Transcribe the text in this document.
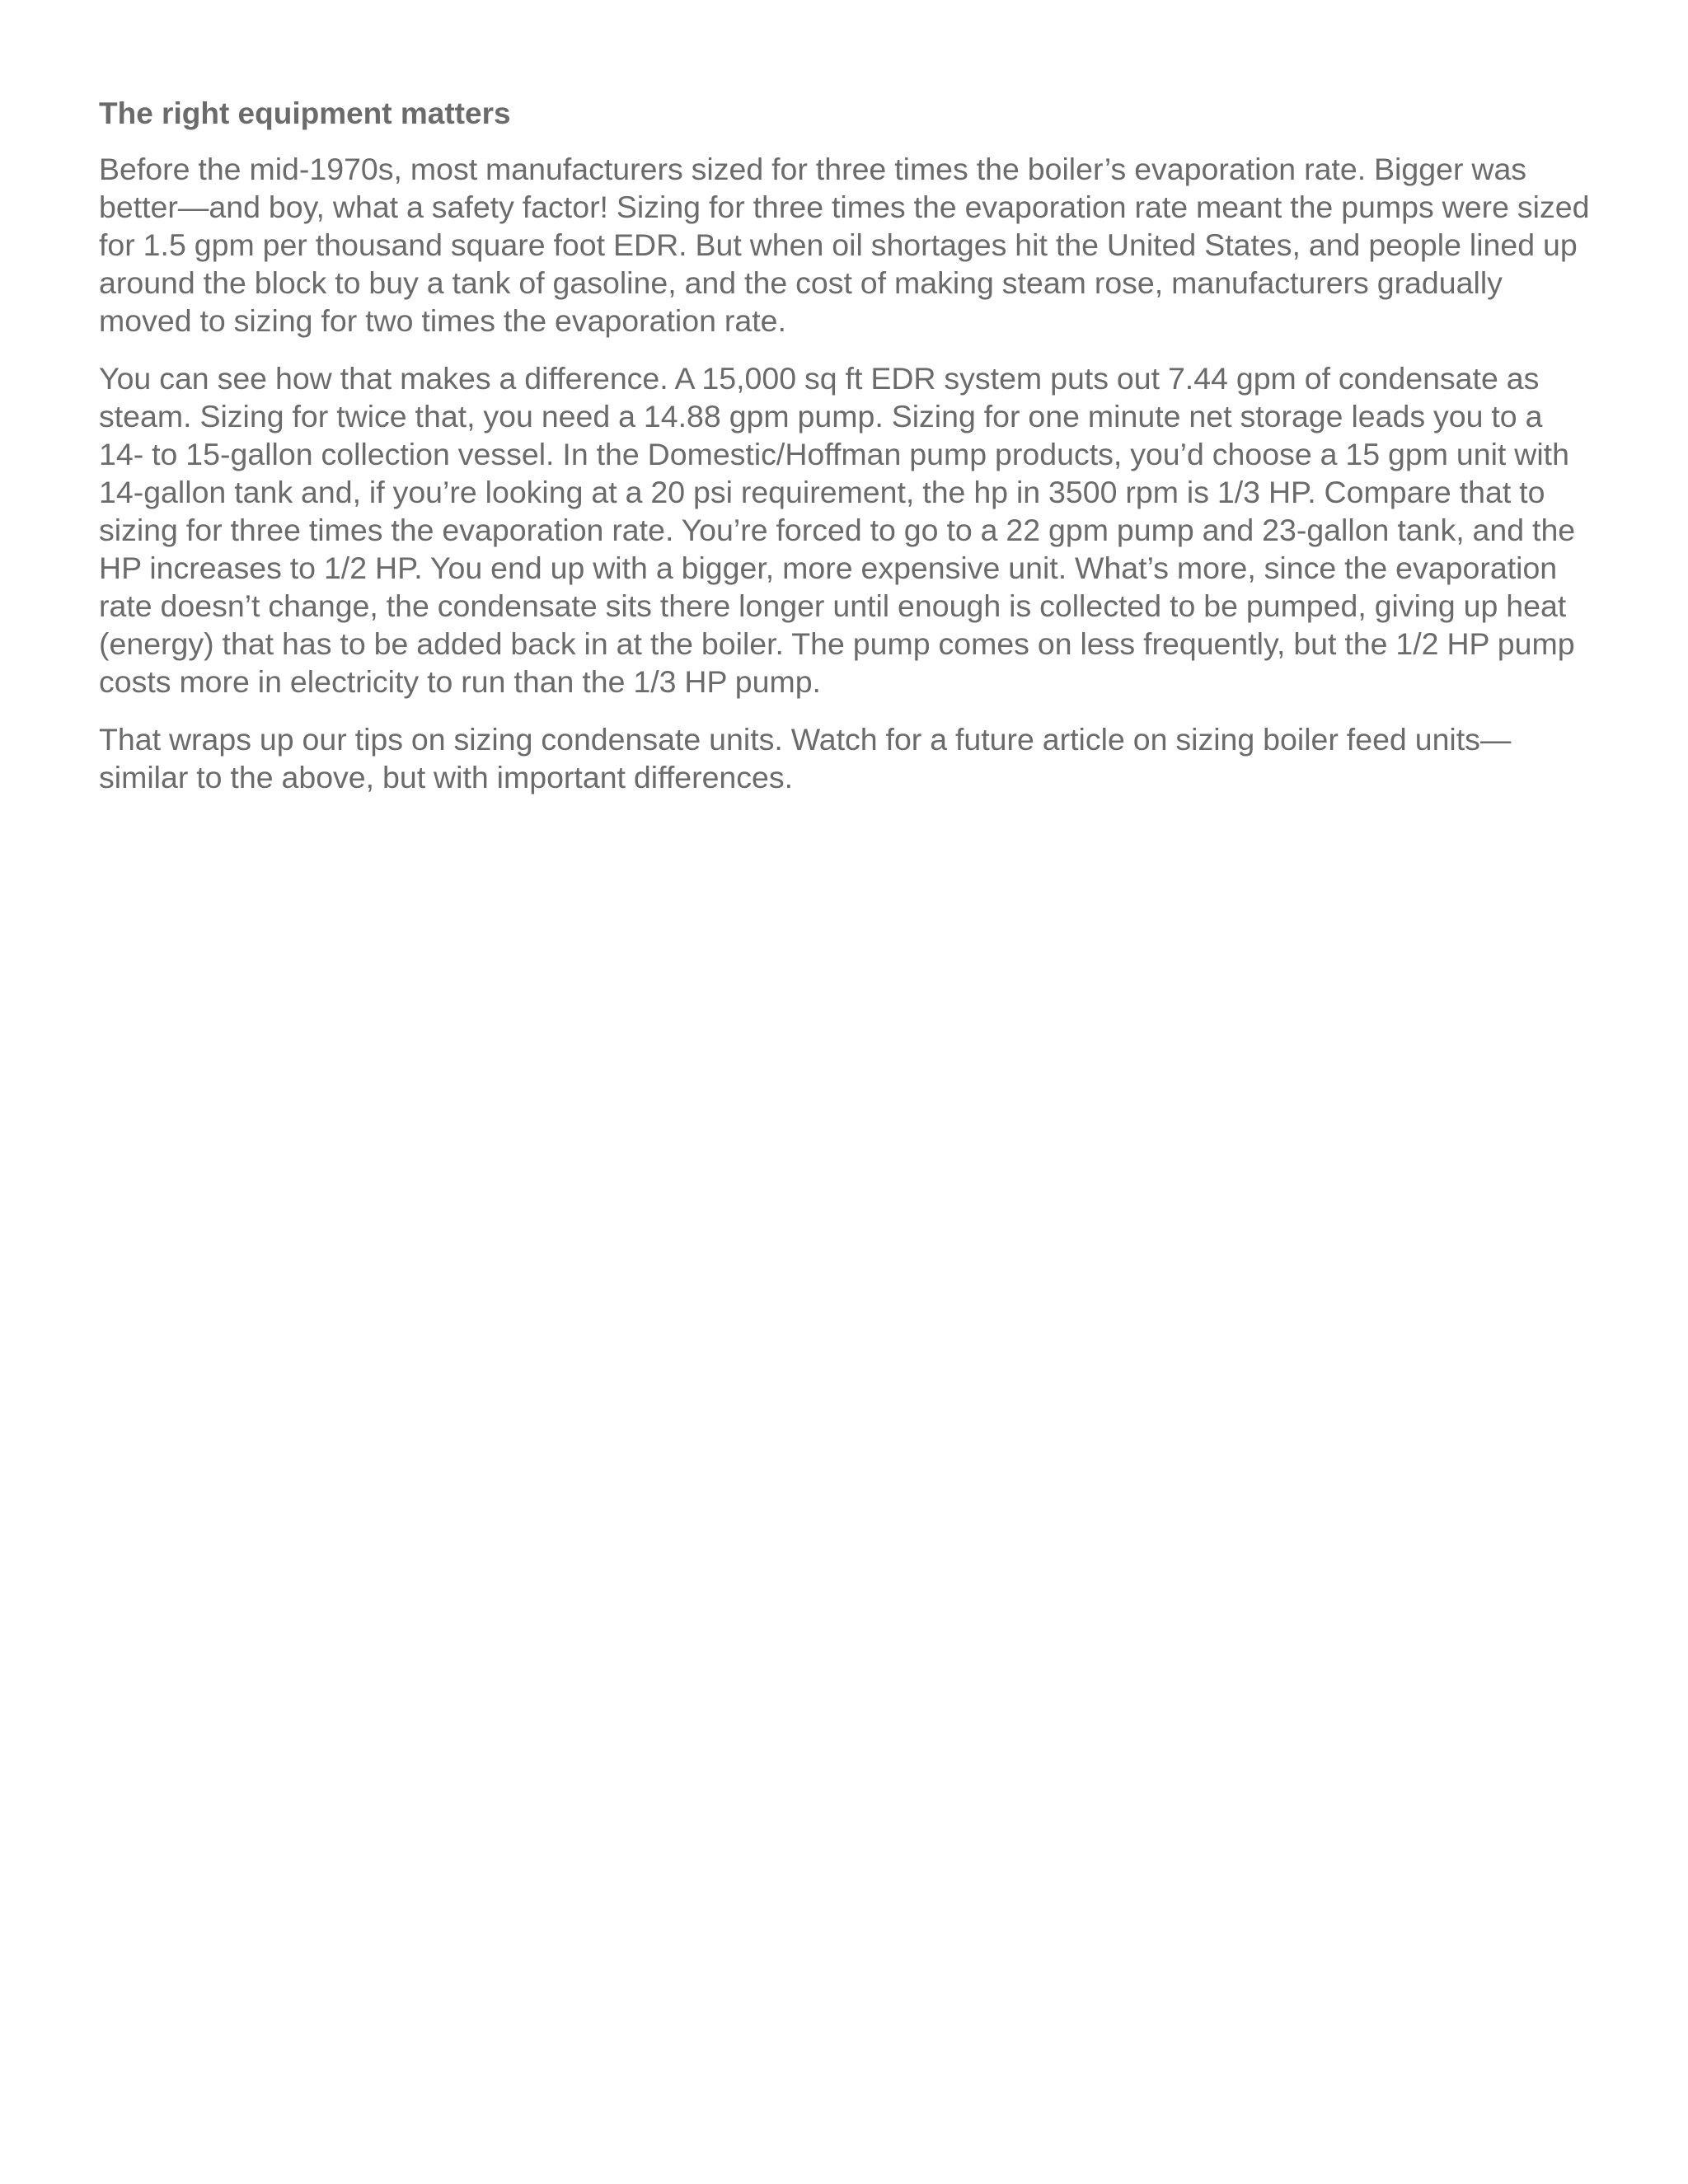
The right equipment matters

Before the mid-1970s, most manufacturers sized for three times the boiler’s evaporation rate. Bigger was better—and boy, what a safety factor! Sizing for three times the evaporation rate meant the pumps were sized for 1.5 gpm per thousand square foot EDR. But when oil shortages hit the United States, and people lined up around the block to buy a tank of gasoline, and the cost of making steam rose, manufacturers gradually moved to sizing for two times the evaporation rate.

You can see how that makes a difference. A 15,000 sq ft EDR system puts out 7.44 gpm of condensate as steam. Sizing for twice that, you need a 14.88 gpm pump. Sizing for one minute net storage leads you to a 14- to 15-gallon collection vessel. In the Domestic/Hoffman pump products, you’d choose a 15 gpm unit with 14-gallon tank and, if you’re looking at a 20 psi requirement, the hp in 3500 rpm is 1/3 HP. Compare that to sizing for three times the evaporation rate. You’re forced to go to a 22 gpm pump and 23-gallon tank, and the HP increases to 1/2 HP. You end up with a bigger, more expensive unit. What’s more, since the evaporation rate doesn’t change, the condensate sits there longer until enough is collected to be pumped, giving up heat (energy) that has to be added back in at the boiler. The pump comes on less frequently, but the 1/2 HP pump costs more in electricity to run than the 1/3 HP pump.

That wraps up our tips on sizing condensate units. Watch for a future article on sizing boiler feed units—similar to the above, but with important differences.
